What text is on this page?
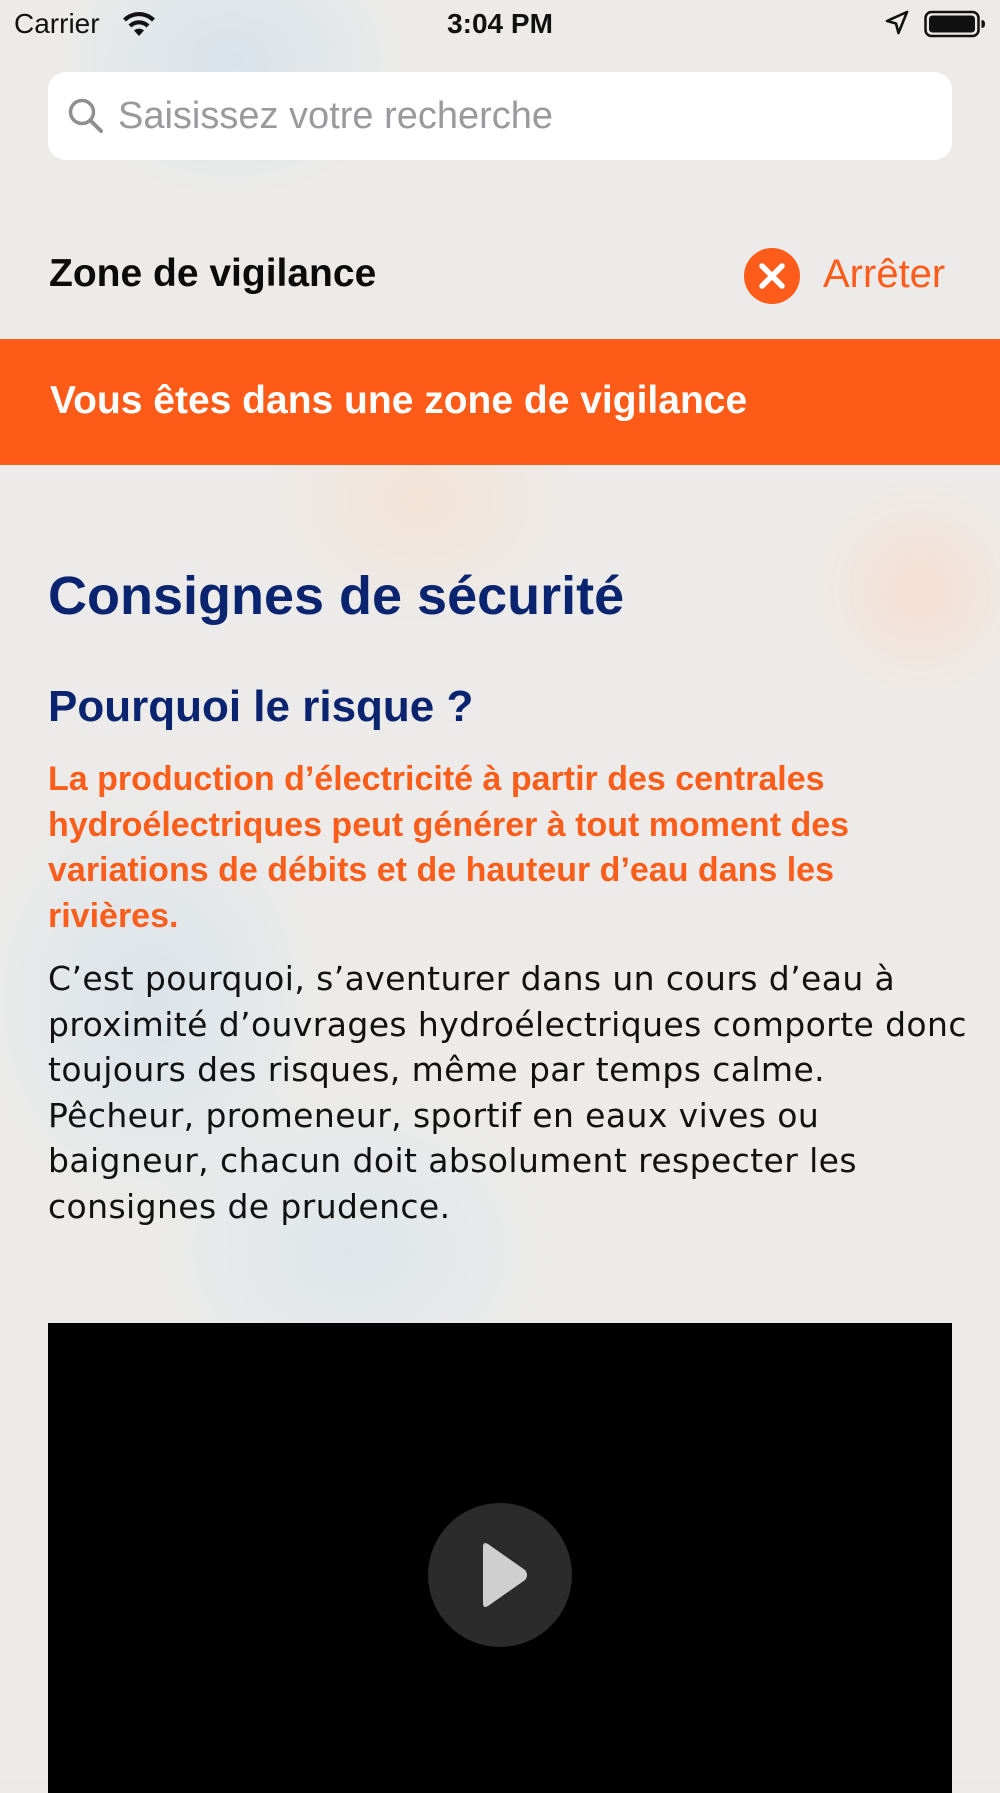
Carrier	3:04 PM
Saisissez votre recherche
Zone de vigilance	Arrêter
Vous êtes dans une zone de vigilance
Consignes de sécurité
Pourquoi le risque ?
La production d’électricité à partir des centrales hydroélectriques peut générer à tout moment des variations de débits et de hauteur d’eau dans les rivières.
C’est pourquoi, s’aventurer dans un cours d’eau à proximité d’ouvrages hydroélectriques comporte donc toujours des risques, même par temps calme.
Pêcheur, promeneur, sportif en eaux vives ou baigneur, chacun doit absolument respecter les consignes de prudence.
